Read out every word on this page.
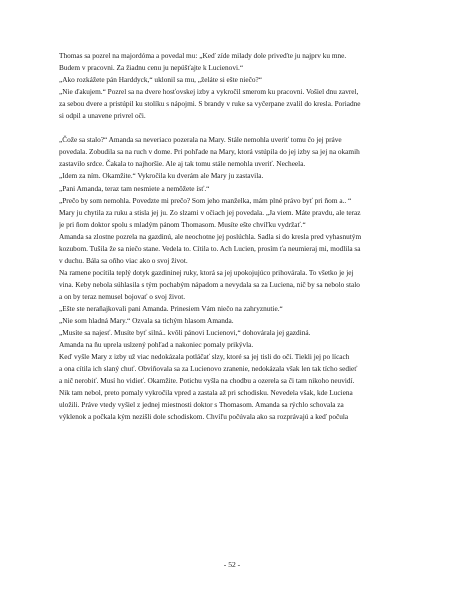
Thomas sa pozrel na majordóma a povedal mu: „Keď zíde milady dole priveďte ju najprv ku mne.
Budem v pracovni. Za žiadnu cenu ju nepúšťajte k Lucienovi.“
„Ako rozkážete pán Harddyck,“ uklonil sa mu, „želáte si ešte niečo?“
„Nie ďakujem.“ Pozrel sa na dvere hosťovskej izby a vykročil smerom ku pracovni. Vošiel dnu zavrel,
za sebou dvere a pristúpil ku stolíku s nápojmi. S brandy v ruke sa vyčerpane zvalil do kresla. Poriadne
si odpil a unavene privrel oči.
„Čože sa stalo?“ Amanda sa neveriaco pozerala na Mary. Stále nemohla uveriť tomu čo jej práve
povedala. Zobudila sa na ruch v dome. Pri pohľade na Mary, ktorá vstúpila do jej izby sa jej na okamih
zastavilo srdce. Čakala to najhoršie. Ale aj tak tomu stále nemohla uveriť. Necheela.
„Idem za ním. Okamžite.“ Vykročila ku dverám ale Mary ju zastavila.
„Pani Amanda, teraz tam nesmiete a nemôžete ísť.“
„Prečo by som nemohla. Povedzte mi prečo? Som jeho manželka, mám plné právo byť pri ňom a.. “
Mary ju chytila za ruku a stisla jej ju. Zo slzami v očiach jej povedala. „Ja viem. Máte pravdu, ale teraz
je pri ňom doktor spolu s mladým pánom Thomasom. Musíte ešte chvíľku vydržať.“
Amanda sa zlostne pozrela na gazdinú, ale neochotne jej poslúchla. Sadla si do kresla pred vyhasnutým
kozubom. Tušila že sa niečo stane. Vedela to. Cítila to. Ach Lucien, prosím ťa neumieraj mi, modlila sa
v duchu. Bála sa oňho viac ako o svoj život.
Na ramene pocítila teplý dotyk gazdininej ruky, ktorá sa jej upokojujúco prihovárala. To všetko je jej
vina. Keby nebola súhlasila s tým pochabým nápadom a nevydala sa za Luciena, nič by sa nebolo stalo
a on by teraz nemusel bojovať o svoj život.
„Ešte ste neraňajkovali pani Amanda. Prinesiem Vám niečo na zahryznutie.“
„Nie som hladná Mary.“ Ozvala sa tichým hlasom Amanda.
„Musíte sa najesť. Musíte byť silná.. kvôli pánovi Lucienovi,“ dohovárala jej gazdiná.
Amanda na ňu uprela uslzený pohľad a nakoniec pomaly prikývla.
Keď vyšle Mary z izby už viac nedokázala potláčať slzy, ktoré sa jej tisli do očí. Tiekli jej po lícach
a ona cítila ich slaný chuť. Obviňovala sa za Lucienovo zranenie, nedokázala však len tak tícho sedieť
a nič nerobiť. Musí ho vidieť. Okamžite. Potichu vyšla na chodbu a ozerela sa či tam nikoho neuvidí.
Nik tam nebol, preto pomaly vykročila vpred a zastala až pri schodisku. Nevedela však, kde Luciena
uložili. Práve vtedy vyšiel z jednej miestnosti doktor s Thomasom. Amanda sa rýchlo schovala za
výklenok a počkala kým nezišli dole schodiskom. Chvíľu počúvala ako sa rozprávajú a keď počula
- 52 -
